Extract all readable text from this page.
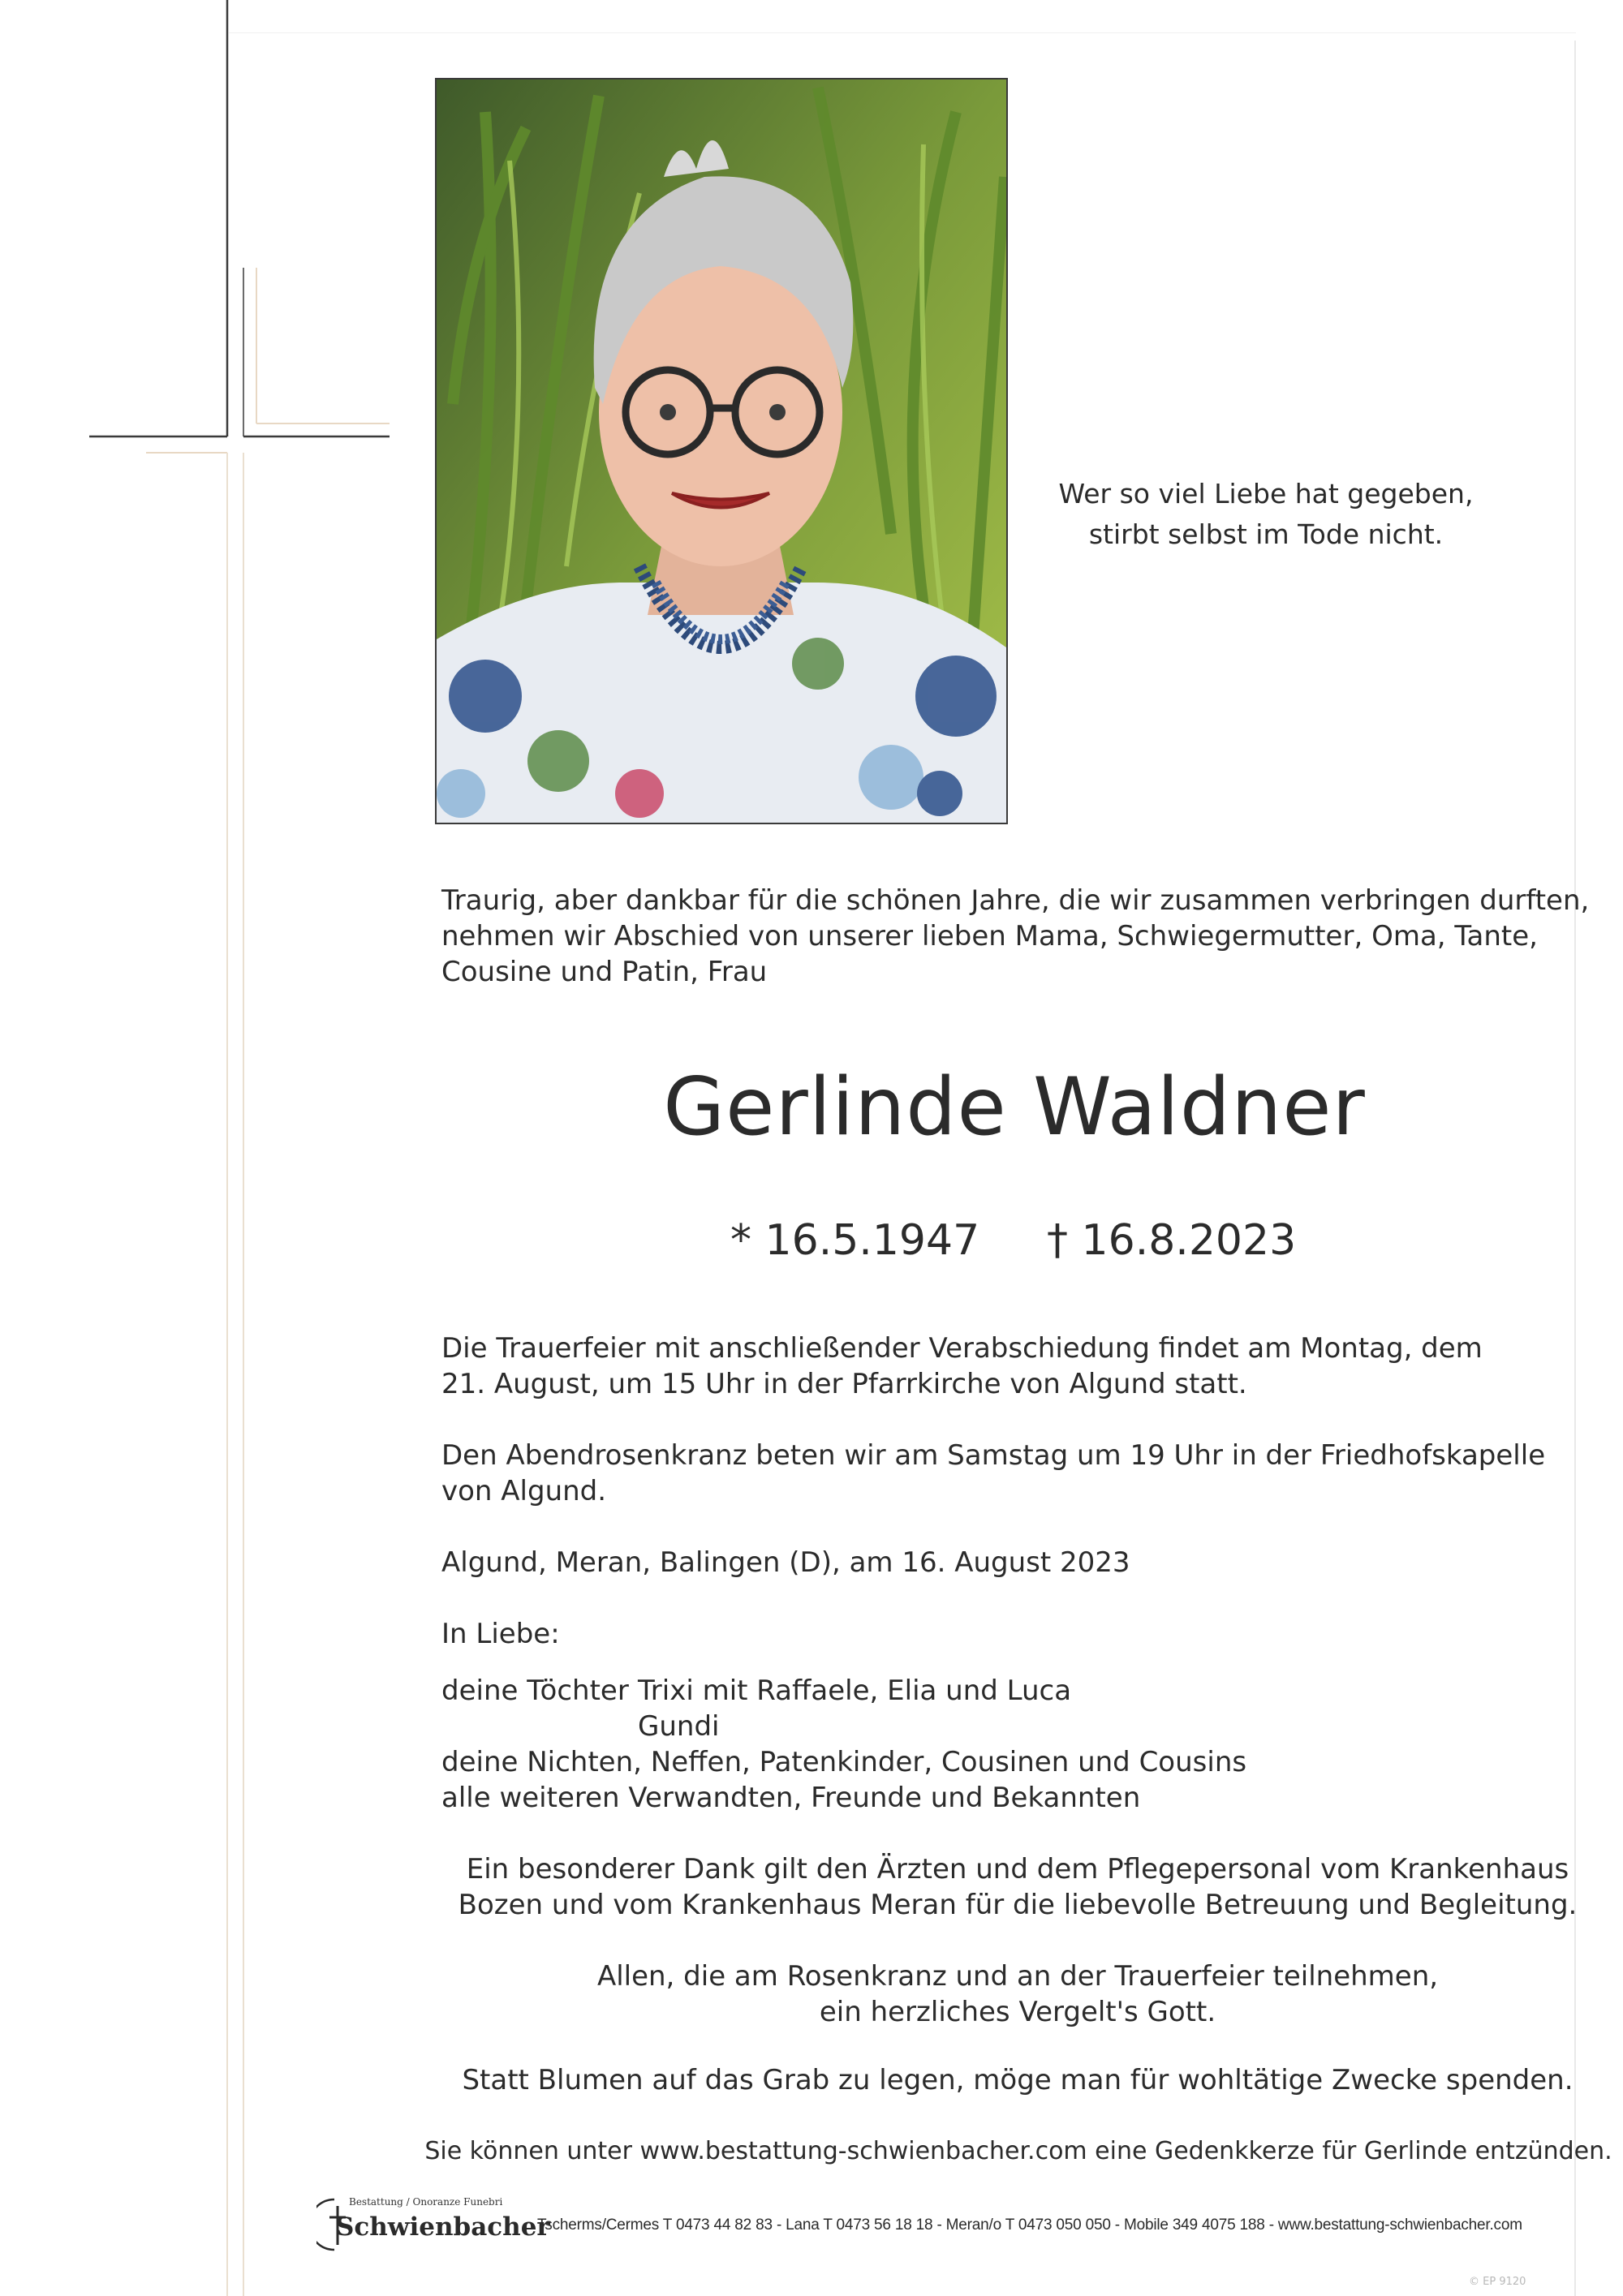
Wer so viel Liebe hat gegeben,
stirbt selbst im Tode nicht.
Traurig, aber dankbar für die schönen Jahre, die wir zusammen verbringen durften,
nehmen wir Abschied von unserer lieben Mama, Schwiegermutter, Oma, Tante,
Cousine und Patin, Frau
Gerlinde Waldner
* 16.5.1947 † 16.8.2023
Die Trauerfeier mit anschließender Verabschiedung findet am Montag, dem
21. August, um 15 Uhr in der Pfarrkirche von Algund statt.
Den Abendrosenkranz beten wir am Samstag um 19 Uhr in der Friedhofskapelle
von Algund.
Algund, Meran, Balingen (D), am 16. August 2023
In Liebe:
deine Töchter Trixi mit Raffaele, Elia und Luca
Gundi
deine Nichten, Neffen, Patenkinder, Cousinen und Cousins
alle weiteren Verwandten, Freunde und Bekannten
Ein besonderer Dank gilt den Ärzten und dem Pflegepersonal vom Krankenhaus
Bozen und vom Krankenhaus Meran für die liebevolle Betreuung und Begleitung.
Allen, die am Rosenkranz und an der Trauerfeier teilnehmen,
ein herzliches Vergelt's Gott.
Statt Blumen auf das Grab zu legen, möge man für wohltätige Zwecke spenden.
Sie können unter www.bestattung-schwienbacher.com eine Gedenkkerze für Gerlinde entzünden.
Bestattung / Onoranze Funebri
Schwienbacher
Tscherms/Cermes T 0473 44 82 83 - Lana T 0473 56 18 18 - Meran/o T 0473 050 050 - Mobile 349 4075 188 - www.bestattung-schwienbacher.com
© EP 9120
